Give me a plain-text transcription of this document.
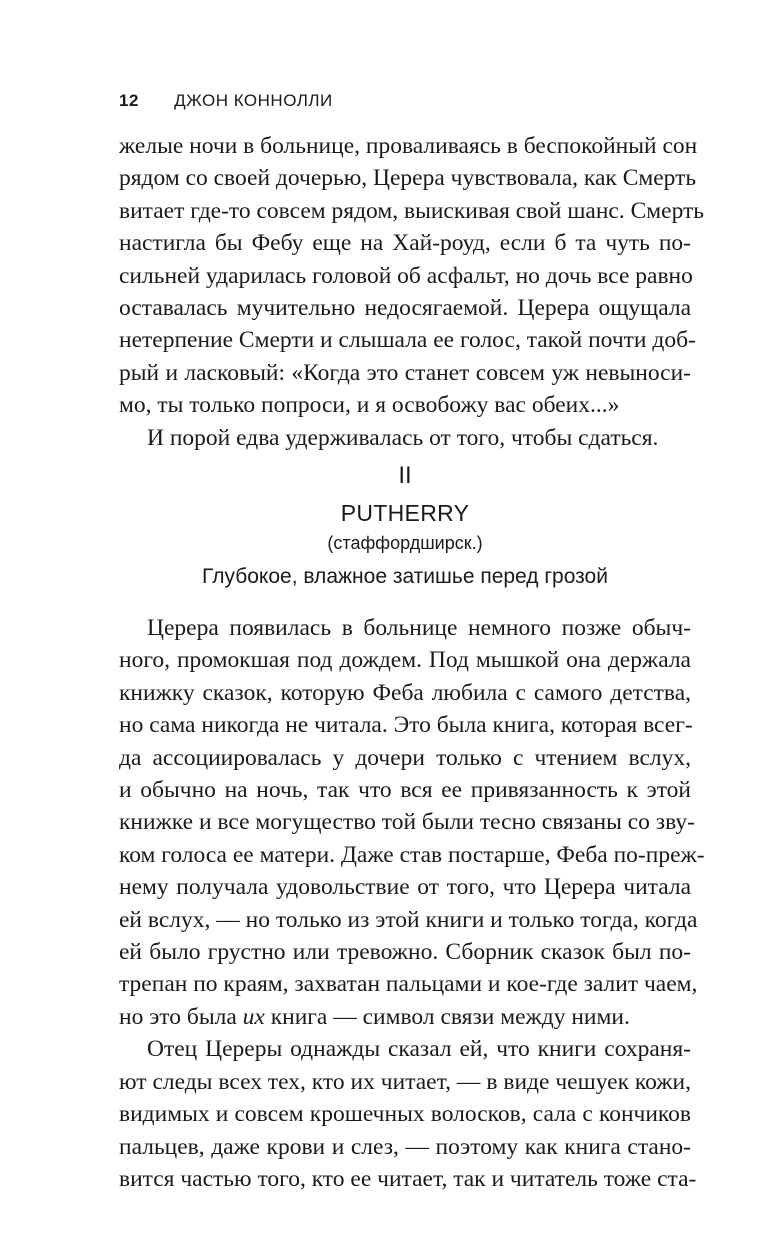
12 ДЖОН КОННОЛЛИ
желые ночи в больнице, проваливаясь в беспокойный сон
рядом со своей дочерью, Церера чувствовала, как Смерть
витает где-то совсем рядом, выискивая свой шанс. Смерть
настигла бы Фебу еще на Хай-роуд, если б та чуть по-
сильней ударилась головой об асфальт, но дочь все равно
оставалась мучительно недосягаемой. Церера ощущала
нетерпение Смерти и слышала ее голос, такой почти доб-
рый и ласковый: «Когда это станет совсем уж невыноси-
мо, ты только попроси, и я освобожу вас обеих...»
И порой едва удерживалась от того, чтобы сдаться.
II
PUTHERRY
(стаффордширск.)
Глубокое, влажное затишье перед грозой
Церера появилась в больнице немного позже обыч-
ного, промокшая под дождем. Под мышкой она держала
книжку сказок, которую Феба любила с самого детства,
но сама никогда не читала. Это была книга, которая всег-
да ассоциировалась у дочери только с чтением вслух,
и обычно на ночь, так что вся ее привязанность к этой
книжке и все могущество той были тесно связаны со зву-
ком голоса ее матери. Даже став постарше, Феба по-преж-
нему получала удовольствие от того, что Церера читала
ей вслух, — но только из этой книги и только тогда, когда
ей было грустно или тревожно. Сборник сказок был по-
трепан по краям, захватан пальцами и кое-где залит чаем,
но это была их книга — символ связи между ними.
Отец Цереры однажды сказал ей, что книги сохраня-
ют следы всех тех, кто их читает, — в виде чешуек кожи,
видимых и совсем крошечных волосков, сала с кончиков
пальцев, даже крови и слез, — поэтому как книга стано-
вится частью того, кто ее читает, так и читатель тоже ста-
